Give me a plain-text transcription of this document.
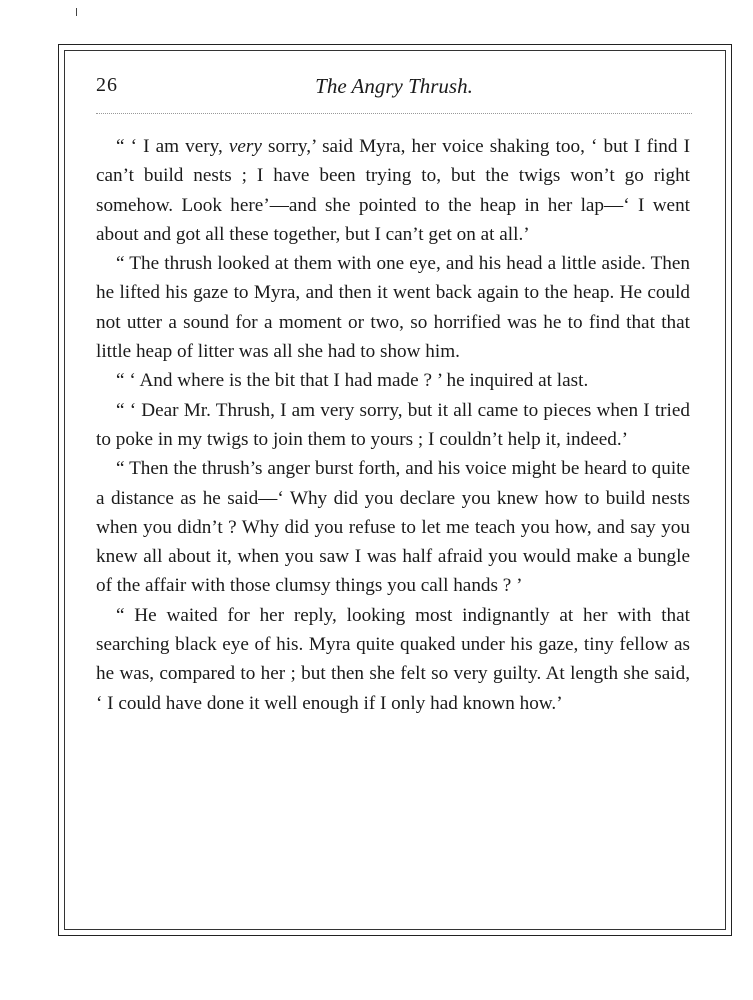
26	The Angry Thrush.

“ ‘ I am very, very sorry,’ said Myra, her voice shaking too, ‘ but I find I can’t build nests ; I have been trying to, but the twigs won’t go right somehow. Look here’—and she pointed to the heap in her lap—‘ I went about and got all these together, but I can’t get on at all.’

“ The thrush looked at them with one eye, and his head a little aside. Then he lifted his gaze to Myra, and then it went back again to the heap. He could not utter a sound for a moment or two, so horrified was he to find that that little heap of litter was all she had to show him.

“ ‘ And where is the bit that I had made ? ’ he inquired at last.

“ ‘ Dear Mr. Thrush, I am very sorry, but it all came to pieces when I tried to poke in my twigs to join them to yours ; I couldn’t help it, indeed.’

“ Then the thrush’s anger burst forth, and his voice might be heard to quite a distance as he said—‘ Why did you declare you knew how to build nests when you didn’t ? Why did you refuse to let me teach you how, and say you knew all about it, when you saw I was half afraid you would make a bungle of the affair with those clumsy things you call hands ? ’

“ He waited for her reply, looking most indignantly at her with that searching black eye of his. Myra quite quaked under his gaze, tiny fellow as he was, compared to her ; but then she felt so very guilty. At length she said, ‘ I could have done it well enough if I only had known how.’
